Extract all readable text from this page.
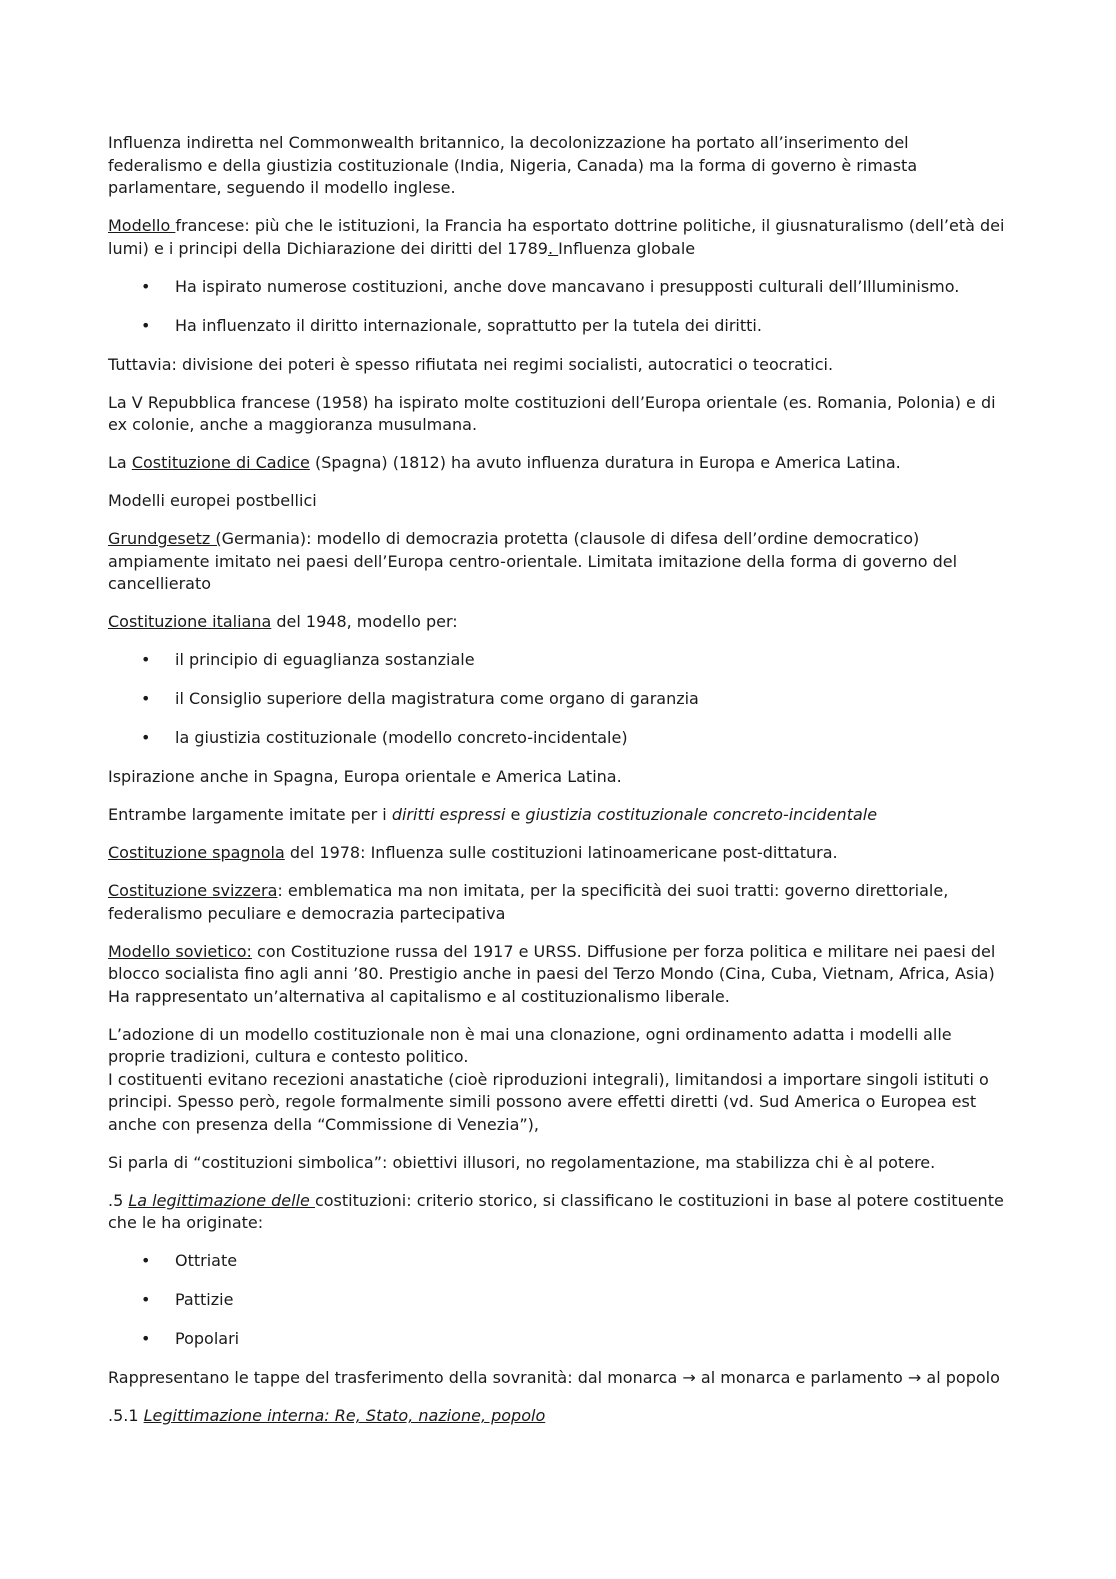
Influenza indiretta nel Commonwealth britannico, la decolonizzazione ha portato all’inserimento del federalismo e della giustizia costituzionale (India, Nigeria, Canada) ma la forma di governo è rimasta parlamentare, seguendo il modello inglese.

Modello francese: più che le istituzioni, la Francia ha esportato dottrine politiche, il giusnaturalismo (dell’età dei lumi) e i principi della Dichiarazione dei diritti del 1789. Influenza globale

• Ha ispirato numerose costituzioni, anche dove mancavano i presupposti culturali dell’Illuminismo.
• Ha influenzato il diritto internazionale, soprattutto per la tutela dei diritti.

Tuttavia: divisione dei poteri è spesso rifiutata nei regimi socialisti, autocratici o teocratici.

La V Repubblica francese (1958) ha ispirato molte costituzioni dell’Europa orientale (es. Romania, Polonia) e di ex colonie, anche a maggioranza musulmana.

La Costituzione di Cadice (Spagna) (1812) ha avuto influenza duratura in Europa e America Latina.

Modelli europei postbellici

Grundgesetz (Germania): modello di democrazia protetta (clausole di difesa dell’ordine democratico) ampiamente imitato nei paesi dell’Europa centro-orientale. Limitata imitazione della forma di governo del cancellierato

Costituzione italiana del 1948, modello per:

• il principio di eguaglianza sostanziale
• il Consiglio superiore della magistratura come organo di garanzia
• la giustizia costituzionale (modello concreto-incidentale)

Ispirazione anche in Spagna, Europa orientale e America Latina.

Entrambe largamente imitate per i diritti espressi e giustizia costituzionale concreto-incidentale

Costituzione spagnola del 1978: Influenza sulle costituzioni latinoamericane post-dittatura.

Costituzione svizzera: emblematica ma non imitata, per la specificità dei suoi tratti: governo direttoriale, federalismo peculiare e democrazia partecipativa

Modello sovietico: con Costituzione russa del 1917 e URSS. Diffusione per forza politica e militare nei paesi del blocco socialista fino agli anni ’80. Prestigio anche in paesi del Terzo Mondo (Cina, Cuba, Vietnam, Africa, Asia)
Ha rappresentato un’alternativa al capitalismo e al costituzionalismo liberale.

L’adozione di un modello costituzionale non è mai una clonazione, ogni ordinamento adatta i modelli alle proprie tradizioni, cultura e contesto politico.
I costituenti evitano recezioni anastatiche (cioè riproduzioni integrali), limitandosi a importare singoli istituti o principi. Spesso però, regole formalmente simili possono avere effetti diretti (vd. Sud America o Europea est anche con presenza della “Commissione di Venezia”),

Si parla di “costituzioni simbolica”: obiettivi illusori, no regolamentazione, ma stabilizza chi è al potere.

.5 La legittimazione delle costituzioni: criterio storico, si classificano le costituzioni in base al potere costituente che le ha originate:

• Ottriate
• Pattizie
• Popolari

Rappresentano le tappe del trasferimento della sovranità: dal monarca → al monarca e parlamento → al popolo

.5.1 Legittimazione interna: Re, Stato, nazione, popolo
